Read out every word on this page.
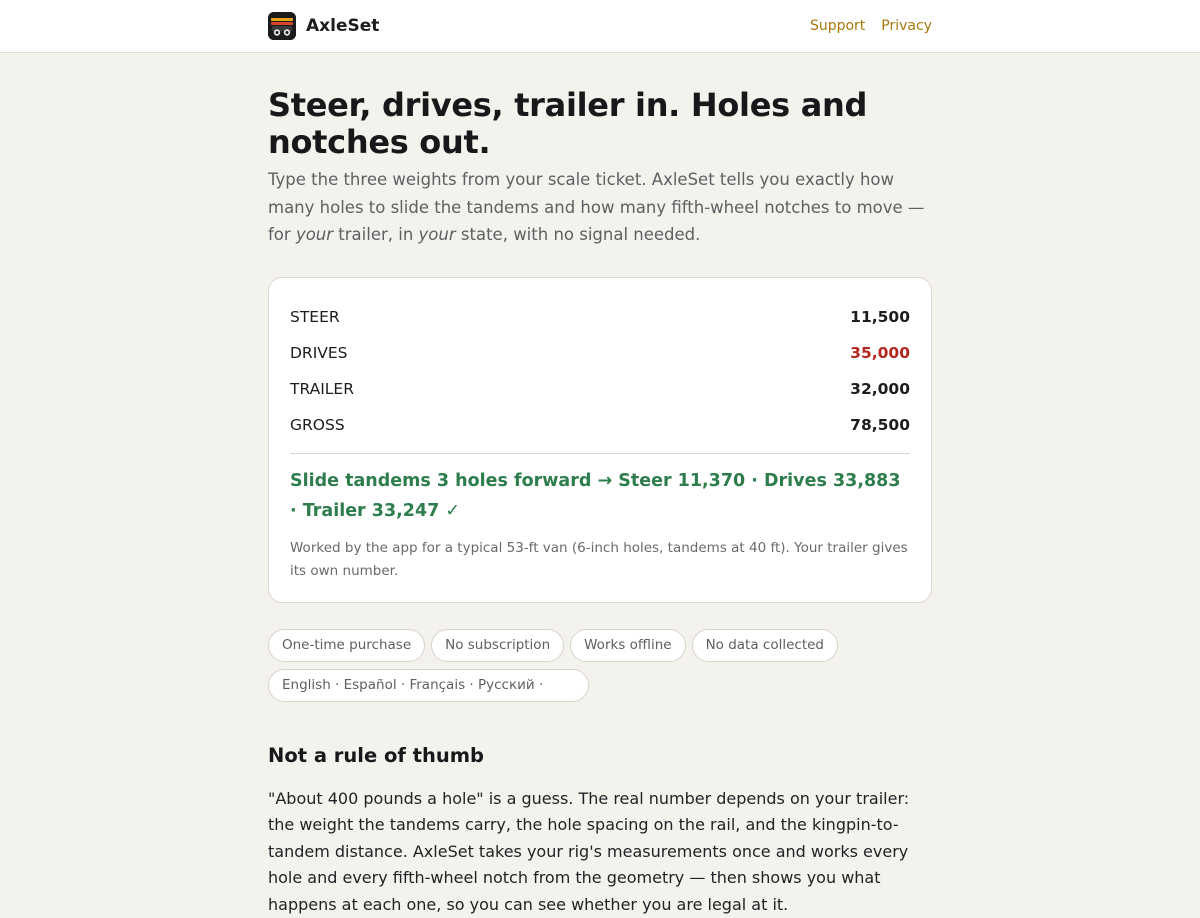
AxleSet	Support Privacy
Steer, drives, trailer in. Holes and notches out.

Type the three weights from your scale ticket. AxleSet tells you exactly how many holes to slide the tandems and how many fifth-wheel notches to move — for your trailer, in your state, with no signal needed.

STEER	11,500
DRIVES	35,000
TRAILER	32,000
GROSS	78,500

Slide tandems 3 holes forward → Steer 11,370 · Drives 33,883 · Trailer 33,247 ✓

Worked by the app for a typical 53-ft van (6-inch holes, tandems at 40 ft). Your trailer gives its own number.

One-time purchase	No subscription	Works offline	No data collected
English · Español · Français · Русский ·
Not a rule of thumb

"About 400 pounds a hole" is a guess. The real number depends on your trailer: the weight the tandems carry, the hole spacing on the rail, and the kingpin-to-tandem distance. AxleSet takes your rig's measurements once and works every hole and every fifth-wheel notch from the geometry — then shows you what happens at each one, so you can see whether you are legal at it.
